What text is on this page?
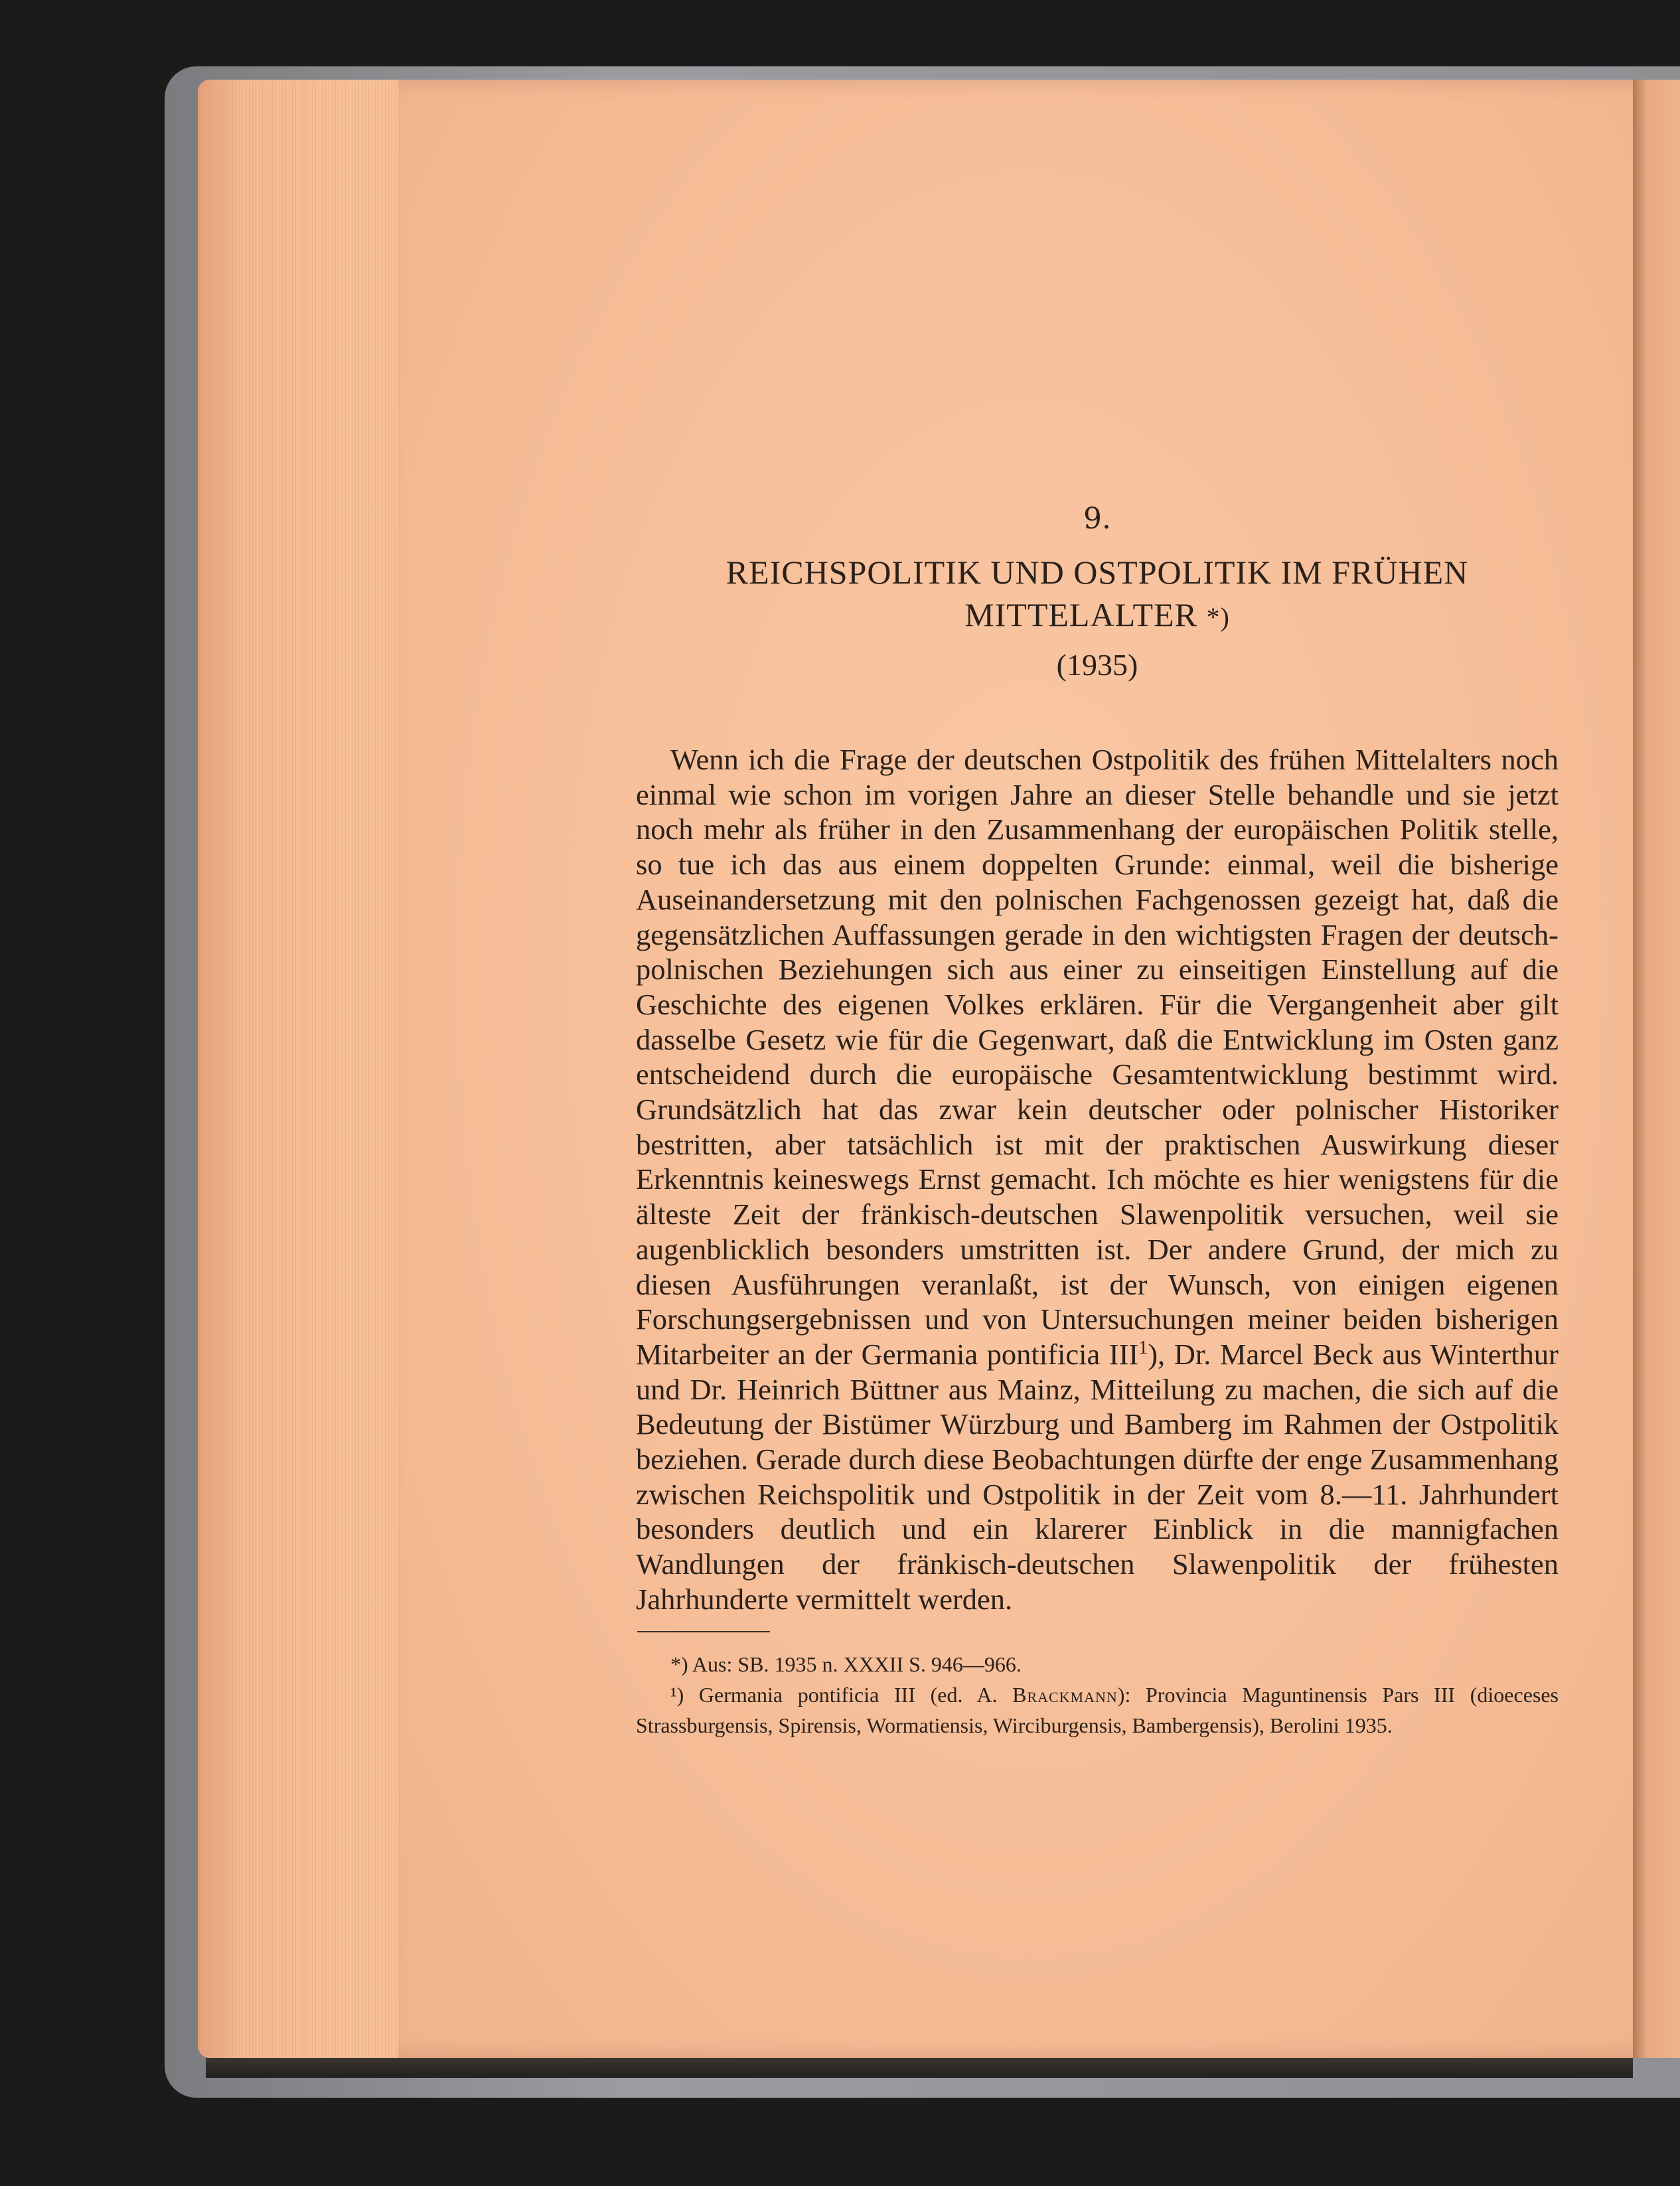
9.
REICHSPOLITIK UND OSTPOLITIK IM FRÜHEN
MITTELALTER *)
(1935)
Wenn ich die Frage der deutschen Ostpolitik des frühen Mittelalters noch einmal wie schon im vorigen Jahre an dieser Stelle behandle und sie jetzt noch mehr als früher in den Zusammenhang der europäischen Politik stelle, so tue ich das aus einem doppelten Grunde: einmal, weil die bisherige Auseinandersetzung mit den polnischen Fachgenossen gezeigt hat, daß die gegensätzlichen Auffassungen gerade in den wichtigsten Fragen der deutsch-polnischen Beziehungen sich aus einer zu einseitigen Einstellung auf die Geschichte des eigenen Volkes erklären. Für die Vergangenheit aber gilt dasselbe Gesetz wie für die Gegenwart, daß die Entwicklung im Osten ganz entscheidend durch die europäische Gesamtentwicklung bestimmt wird. Grundsätzlich hat das zwar kein deutscher oder polnischer Historiker bestritten, aber tatsächlich ist mit der praktischen Auswirkung dieser Erkenntnis keineswegs Ernst gemacht. Ich möchte es hier wenigstens für die älteste Zeit der fränkisch-deutschen Slawenpolitik versuchen, weil sie augenblicklich besonders umstritten ist. Der andere Grund, der mich zu diesen Ausführungen veranlaßt, ist der Wunsch, von einigen eigenen Forschungsergebnissen und von Untersuchungen meiner beiden bisherigen Mitarbeiter an der Germania pontificia III$^1$), Dr. Marcel Beck aus Winterthur und Dr. Heinrich Büttner aus Mainz, Mitteilung zu machen, die sich auf die Bedeutung der Bistümer Würzburg und Bamberg im Rahmen der Ostpolitik beziehen. Gerade durch diese Beobachtungen dürfte der enge Zusammenhang zwischen Reichspolitik und Ostpolitik in der Zeit vom 8.—11. Jahrhundert besonders deutlich und ein klarerer Einblick in die mannigfachen Wandlungen der fränkisch-deutschen Slawenpolitik der frühesten Jahrhunderte vermittelt werden.

*) Aus: SB. 1935 n. XXXII S. 946—966.

¹) Germania pontificia III (ed. A. Brackmann): Provincia Maguntinensis Pars III (dioeceses Strassburgensis, Spirensis, Wormatiensis, Wirciburgensis, Bambergensis), Berolini 1935.
